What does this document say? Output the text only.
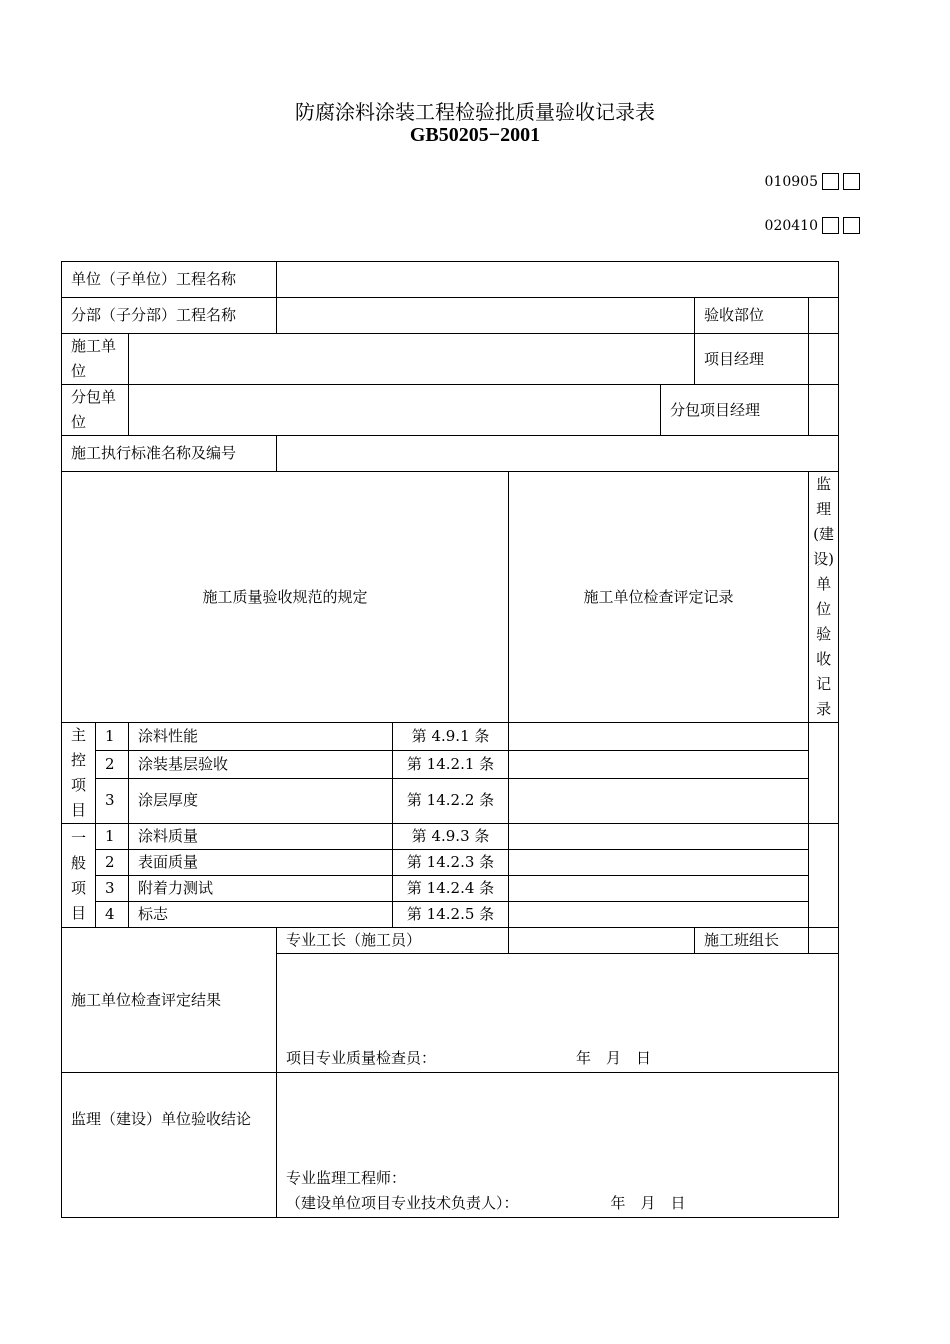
防腐涂料涂装工程检验批质量验收记录表
GB50205−2001
010905
020410
单位（子单位）工程名称								
分部（子分部）工程名称							验收部位	
施工单位							项目经理	
分包单位						分包项目经理		
施工执行标准名称及编号								
施工质量验收规范的规定					施工单位检查评定记录			监理(建设)单位验收记录

主
控
项
目	1	涂料性能		第 4.9.1 条				
	2	涂装基层验收		第 14.2.1 条				
	3	涂层厚度		第 14.2.2 条				

一
般
项
目	1	涂料质量		第 4.9.3 条				
	2	表面质量		第 14.2.3 条				
	3	附着力测试		第 14.2.4 条				
	4	标志		第 14.2.5 条				
施工单位检查评定结果			专业工长（施工员）				施工班组长	

			项目专业质量检查员： 年　月　日					

监理（建设）单位验收结论			专业监理工程师：
（建设单位项目专业技术负责人）： 年　月　日					
